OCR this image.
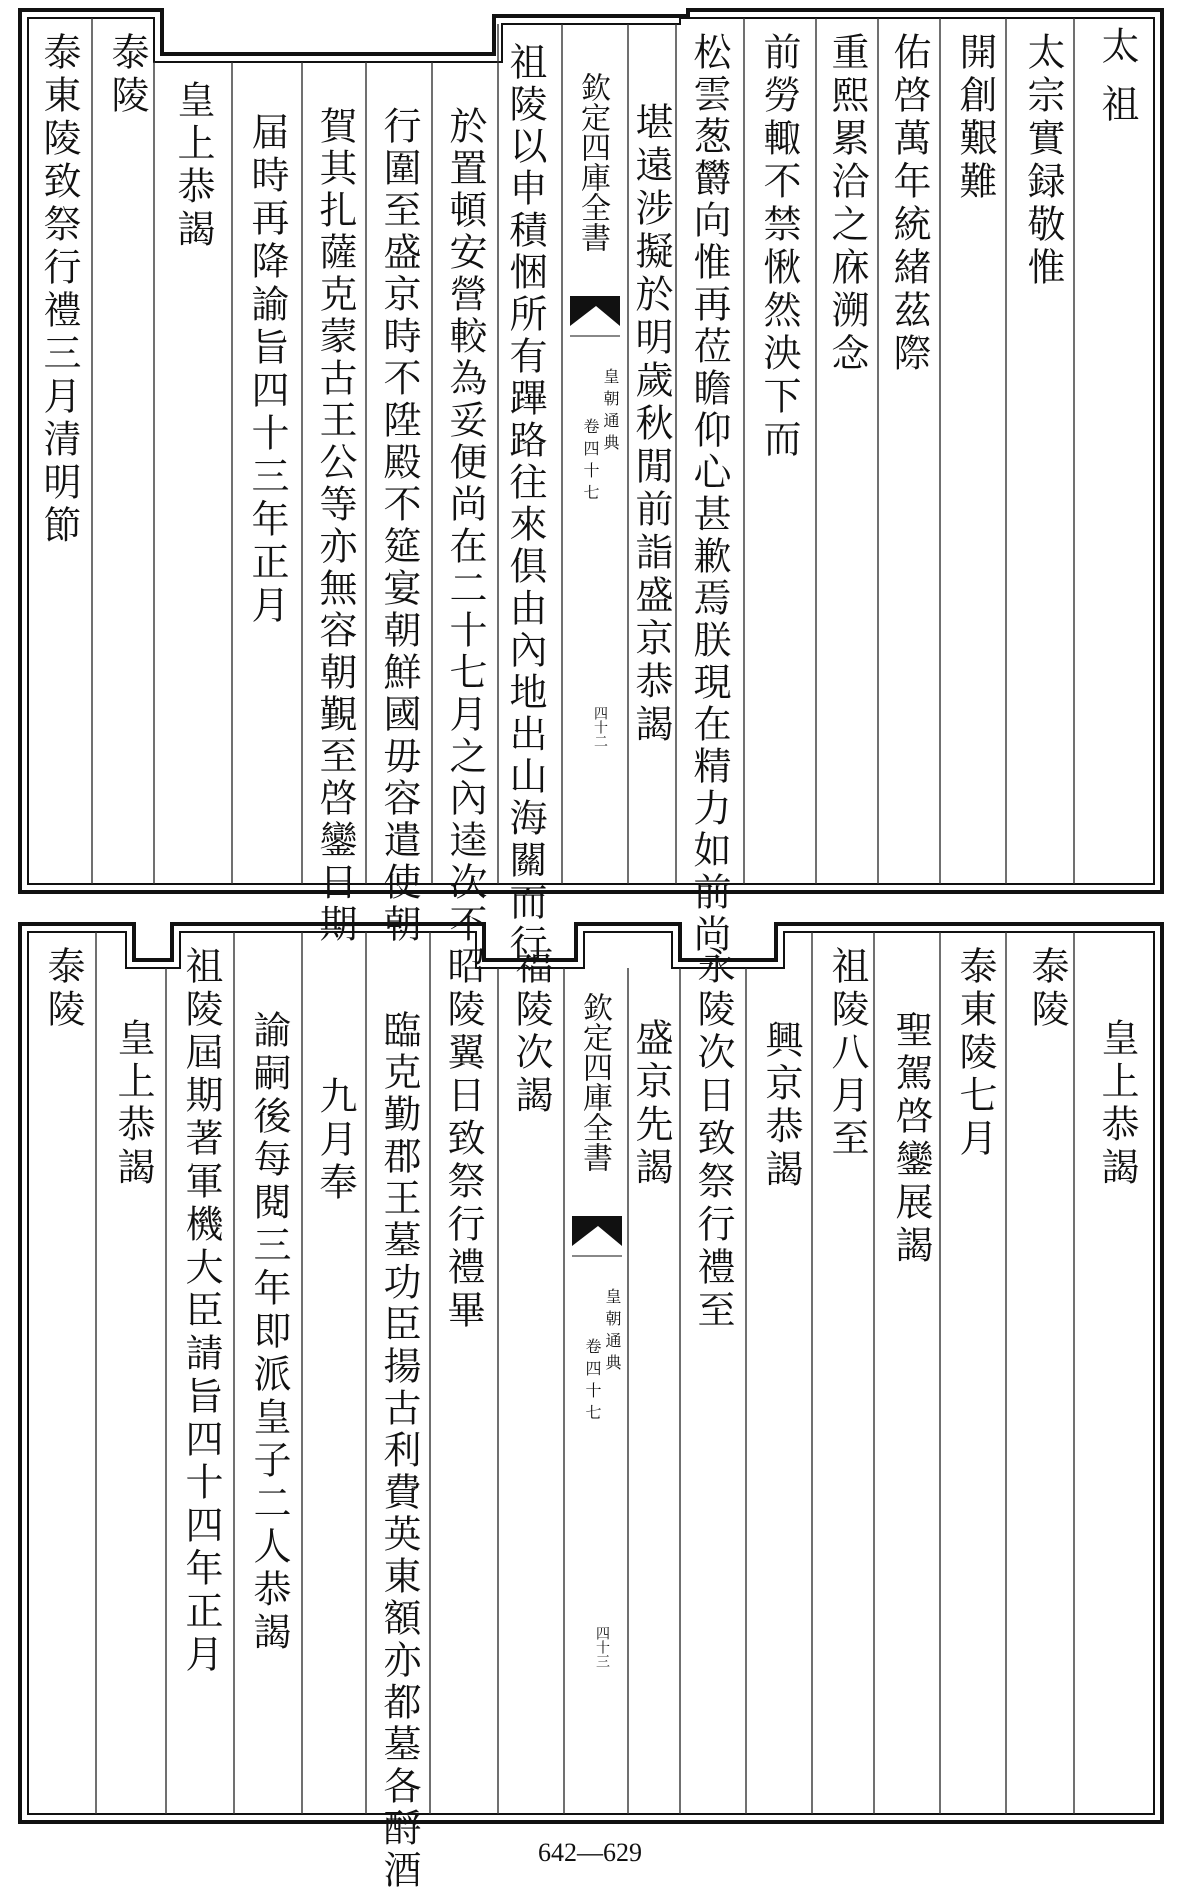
太
祖
太宗實録敬惟
開創艱難
佑啓萬年統緒茲際
重熙累洽之庥溯念
前勞輙不禁愀然泱下而
松雲葱欝向惟再莅瞻仰心甚歉焉朕現在精力如前尚
堪遠涉擬於明歲秋閒前詣盛京恭謁
欽定四庫全書
皇朝通典
卷四十七
四十二
祖陵以申積悃所有蹕路往來俱由內地出山海關而行
於置頓安營較為妥便尚在二十七月之內逵次不
行圍至盛京時不陞殿不筵宴朝鮮國毋容遣使朝
賀其扎薩克蒙古王公等亦無容朝覲至啓鑾日期
届時再降諭旨四十三年正月
皇上恭謁
泰陵
泰東陵致祭行禮三月清明節
皇上恭謁
泰陵
泰東陵七月
聖駕啓鑾展謁
祖陵八月至
興京恭謁
永陵次日致祭行禮至
盛京先謁
欽定四庫全書
皇朝通典
卷四十七
四十三
福陵次謁
昭陵翼日致祭行禮畢
臨克勤郡王墓功臣揚古利費英東額亦都墓各酹酒
九月奉
諭嗣後每閱三年即派皇子二人恭謁
祖陵屆期著軍機大臣請旨四十四年正月
皇上恭謁
泰陵
642—629
